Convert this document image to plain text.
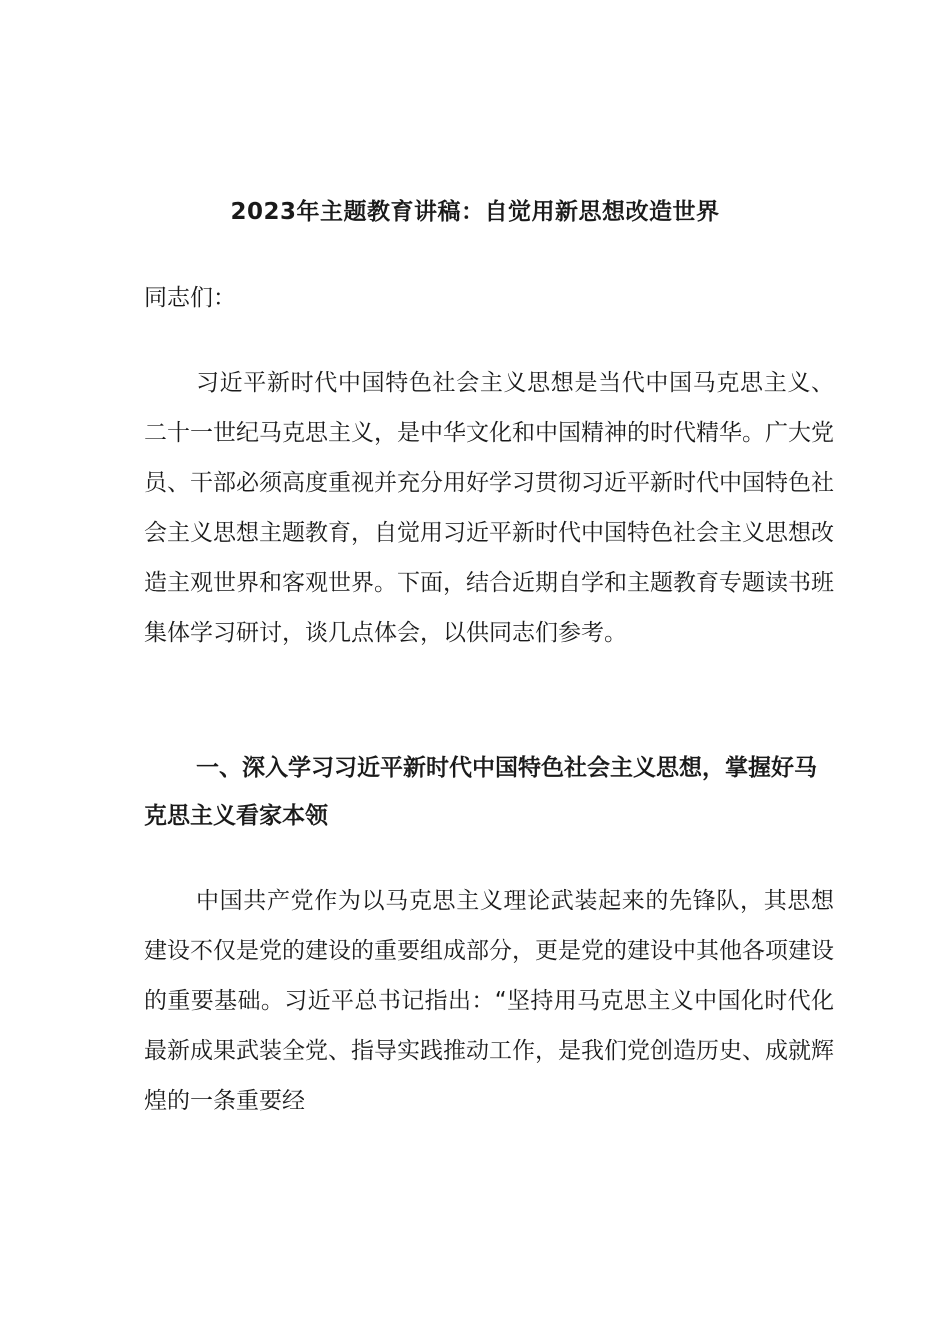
2023年主题教育讲稿：自觉用新思想改造世界
同志们：

习近平新时代中国特色社会主义思想是当代中国马克思主义、二十一世纪马克思主义，是中华文化和中国精神的时代精华。广大党员、干部必须高度重视并充分用好学习贯彻习近平新时代中国特色社会主义思想主题教育，自觉用习近平新时代中国特色社会主义思想改造主观世界和客观世界。下面，结合近期自学和主题教育专题读书班集体学习研讨，谈几点体会，以供同志们参考。

一、深入学习习近平新时代中国特色社会主义思想，掌握好马克思主义看家本领

中国共产党作为以马克思主义理论武装起来的先锋队，其思想建设不仅是党的建设的重要组成部分，更是党的建设中其他各项建设的重要基础。习近平总书记指出：“坚持用马克思主义中国化时代化最新成果武装全党、指导实践推动工作，是我们党创造历史、成就辉煌的一条重要经
